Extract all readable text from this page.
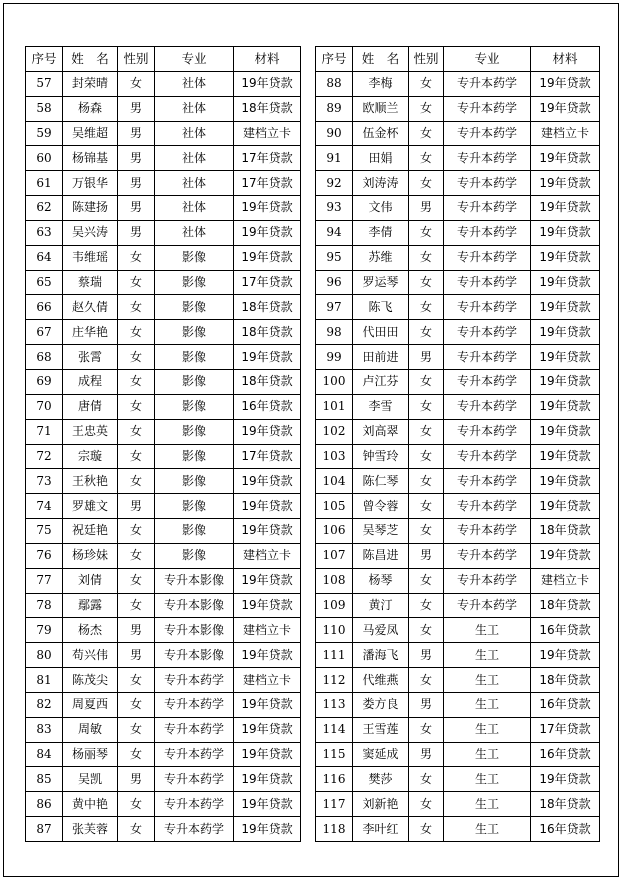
序号	姓　名	性别	专业	材料
57	封荣晴	女	社体	19年贷款
58	杨森	男	社体	18年贷款
59	吴维超	男	社体	建档立卡
60	杨锦基	男	社体	17年贷款
61	万银华	男	社体	17年贷款
62	陈建扬	男	社体	19年贷款
63	吴兴涛	男	社体	19年贷款
64	韦维瑶	女	影像	19年贷款
65	蔡瑞	女	影像	17年贷款
66	赵久倩	女	影像	18年贷款
67	庄华艳	女	影像	18年贷款
68	张霄	女	影像	19年贷款
69	成程	女	影像	18年贷款
70	唐倩	女	影像	16年贷款
71	王忠英	女	影像	19年贷款
72	宗璇	女	影像	17年贷款
73	王秋艳	女	影像	19年贷款
74	罗雄文	男	影像	19年贷款
75	祝廷艳	女	影像	19年贷款
76	杨珍妹	女	影像	建档立卡
77	刘倩	女	专升本影像	19年贷款
78	鄢露	女	专升本影像	19年贷款
79	杨杰	男	专升本影像	建档立卡
80	苟兴伟	男	专升本影像	19年贷款
81	陈茂尖	女	专升本药学	建档立卡
82	周夏西	女	专升本药学	19年贷款
83	周敏	女	专升本药学	19年贷款
84	杨丽琴	女	专升本药学	19年贷款
85	吴凯	男	专升本药学	19年贷款
86	黄中艳	女	专升本药学	19年贷款
87	张芙蓉	女	专升本药学	19年贷款
序号	姓　名	性别	专业	材料
88	李梅	女	专升本药学	19年贷款
89	欧顺兰	女	专升本药学	19年贷款
90	伍金杯	女	专升本药学	建档立卡
91	田娟	女	专升本药学	19年贷款
92	刘涛涛	女	专升本药学	19年贷款
93	文伟	男	专升本药学	19年贷款
94	李倩	女	专升本药学	19年贷款
95	苏维	女	专升本药学	19年贷款
96	罗运琴	女	专升本药学	19年贷款
97	陈飞	女	专升本药学	19年贷款
98	代田田	女	专升本药学	19年贷款
99	田前进	男	专升本药学	19年贷款
100	卢江芬	女	专升本药学	19年贷款
101	李雪	女	专升本药学	19年贷款
102	刘高翠	女	专升本药学	19年贷款
103	钟雪玲	女	专升本药学	19年贷款
104	陈仁琴	女	专升本药学	19年贷款
105	曾令蓉	女	专升本药学	19年贷款
106	吴琴芝	女	专升本药学	18年贷款
107	陈昌进	男	专升本药学	19年贷款
108	杨琴	女	专升本药学	建档立卡
109	黄汀	女	专升本药学	18年贷款
110	马爱凤	女	生工	16年贷款
111	潘海飞	男	生工	19年贷款
112	代维燕	女	生工	18年贷款
113	娄方良	男	生工	16年贷款
114	王雪莲	女	生工	17年贷款
115	窦延成	男	生工	16年贷款
116	樊莎	女	生工	19年贷款
117	刘新艳	女	生工	18年贷款
118	李叶红	女	生工	16年贷款
